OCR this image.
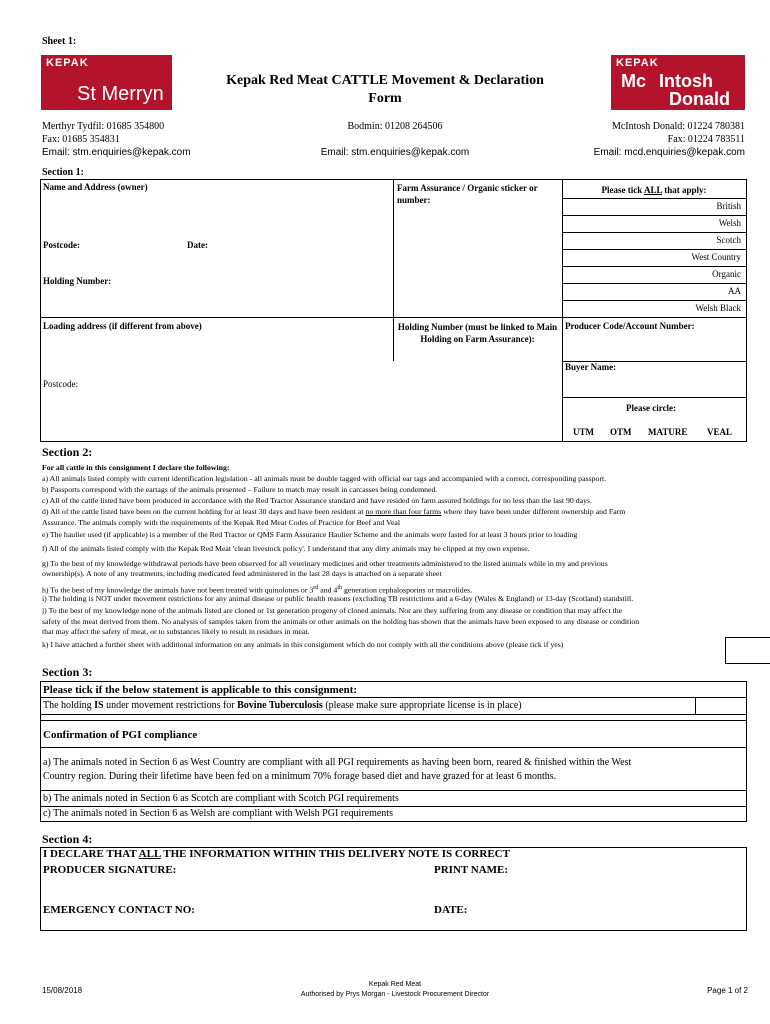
Sheet 1:
KEPAK
St Merryn
KEPAK
Mc Intosh
Donald
Kepak Red Meat CATTLE Movement & Declaration
Form
Merthyr Tydfil: 01685 354800
Fax: 01685 354831
Email: stm.enquiries@kepak.com
Bodmin: 01208 264506
Email: stm.enquiries@kepak.com
McIntosh Donald: 01224 780381
Fax: 01224 783511
Email: mcd.enquiries@kepak.com
Section 1:
Name and Address (owner)	Farm Assurance / Organic sticker or number:
Please tick ALL that apply:
British
Welsh
Scotch
West Country
Organic
AA
Welsh Black
Postcode:	Date:
Holding Number:
Loading address (if different from above)	Holding Number (must be linked to Main Holding on Farm Assurance):
Producer Code/Account Number:
Buyer Name:
Postcode:
Please circle:
UTM OTM MATURE VEAL
Section 2:
For all cattle in this consignment I declare the following:
a) All animals listed comply with current identification legislation - all animals must be double tagged with official ear tags and accompanied with a correct, corresponding passport.
b) Passports correspond with the eartags of the animals presented – Failure to match may result in carcasses being condemned.
c) All of the cattle listed have been produced in accordance with the Red Tractor Assurance standard and have resided on farm assured holdings for no less than the last 90 days.
d) All of the cattle listed have been on the current holding for at least 30 days and have been resident at no more than four farms where they have been under different ownership and Farm
Assurance. The animals comply with the requirements of the Kepak Red Meat Codes of Practice for Beef and Veal
e) The haulier used (if applicable) is a member of the Red Tractor or QMS Farm Assurance Haulier Scheme and the animals were fasted for at least 3 hours prior to loading
f) All of the animals listed comply with the Kepak Red Meat 'clean livestock policy'. I understand that any dirty animals may be clipped at my own expense.
g) To the best of my knowledge withdrawal periods have been observed for all veterinary medicines and other treatments administered to the listed animals while in my and previous
ownership(s). A note of any treatments, including medicated feed administered in the last 28 days is attached on a separate sheet
h) To the best of my knowledge the animals have not been treated with quinolones or 3rd and 4th generation cephalosporins or macrolides.
i) The holding is NOT under movement restrictions for any animal disease or public health reasons (excluding TB restrictions and a 6-day (Wales & England) or 13-day (Scotland) standstill.
j) To the best of my knowledge none of the animals listed are cloned or 1st generation progeny of cloned animals. Nor are they suffering from any disease or condition that may affect the
safety of the meat derived from them. No analysis of samples taken from the animals or other animals on the holding has shown that the animals have been exposed to any disease or condition
that may affect the safety of meat, or to substances likely to result in residues in meat.
k) I have attached a further sheet with additional information on any animals in this consignment which do not comply with all the conditions above (please tick if yes)
Section 3:
Please tick if the below statement is applicable to this consignment:
The holding IS under movement restrictions for Bovine Tuberculosis (please make sure appropriate license is in place)
Confirmation of PGI compliance
a) The animals noted in Section 6 as West Country are compliant with all PGI requirements as having been born, reared & finished within the West
Country region. During their lifetime have been fed on a minimum 70% forage based diet and have grazed for at least 6 months.
b) The animals noted in Section 6 as Scotch are compliant with Scotch PGI requirements
c) The animals noted in Section 6 as Welsh are compliant with Welsh PGI requirements
Section 4:
I DECLARE THAT ALL THE INFORMATION WITHIN THIS DELIVERY NOTE IS CORRECT
PRODUCER SIGNATURE:	PRINT NAME:
EMERGENCY CONTACT NO:	DATE:
15/08/2018
Kepak Red Meat
Authorised by Prys Morgan - Livestock Procurement Director	Page 1 of 2
